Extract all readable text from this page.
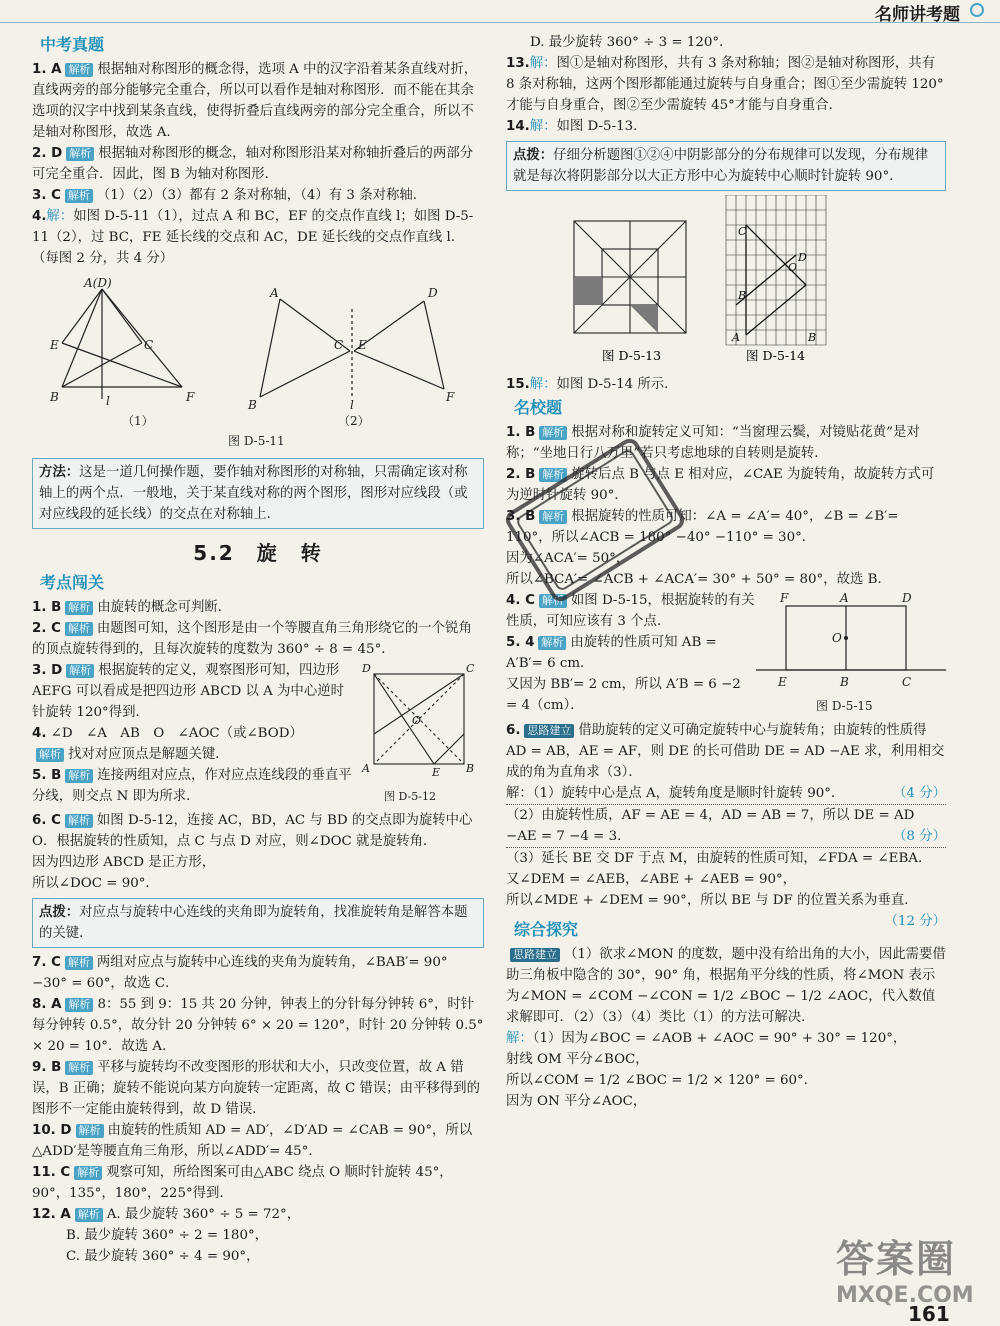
名师讲考题
中考真题
1. A 解析 根据轴对称图形的概念得，选项 A 中的汉字沿着某条直线对折，直线两旁的部分能够完全重合，所以可以看作是轴对称图形．而不能在其余选项的汉字中找到某条直线，使得折叠后直线两旁的部分完全重合，所以不是轴对称图形，故选 A．
2. D 解析 根据轴对称图形的概念，轴对称图形沿某对称轴折叠后的两部分可完全重合．因此，图 B 为轴对称图形．
3. C 解析 （1）（2）（3）都有 2 条对称轴，（4）有 3 条对称轴．
4.解：如图 D-5-11（1），过点 A 和 BC，EF 的交点作直线 l；如图 D-5-11（2），过 BC，FE 延长线的交点和 AC，DE 延长线的交点作直线 l．（每图 2 分，共 4 分）
A(D)
E	C
B	l	F
A
C E
B	l
D
F
（1）	（2）
图 D-5-11
方法：这是一道几何操作题，要作轴对称图形的对称轴，只需确定该对称轴上的两个点．一般地，关于某直线对称的两个图形，图形对应线段（或对应线段的延长线）的交点在对称轴上．
5.2　旋　转
考点闯关
1. B 解析 由旋转的概念可判断．
2. C 解析 由题图可知，这个图形是由一个等腰直角三角形绕它的一个锐角的顶点旋转得到的，且每次旋转的度数为 360° ÷ 8 = 45°．
3. D 解析 根据旋转的定义，观察图形可知，四边形 AEFG 可以看成是把四边形 ABCD 以 A 为中心逆时针旋转 120°得到．
4. ∠D　∠A　AB　O　∠AOC（或∠BOD）
解析 找对对应顶点是解题关键．
5. B 解析 连接两组对应点，作对应点连线段的垂直平分线，则交点 N 即为所求．
D	C
A	B
O
E
图 D-5-12
6. C 解析 如图 D-5-12，连接 AC，BD，AC 与 BD 的交点即为旋转中心 O．根据旋转的性质知，点 C 与点 D 对应，则∠DOC 就是旋转角．
因为四边形 ABCD 是正方形，
所以∠DOC = 90°．
点拨：对应点与旋转中心连线的夹角即为旋转角，找准旋转角是解答本题的关键．
7. C 解析 两组对应点与旋转中心连线的夹角为旋转角，∠BAB′= 90° −30° = 60°，故选 C．
8. A 解析 8：55 到 9：15 共 20 分钟，钟表上的分针每分钟转 6°，时针每分钟转 0.5°，故分针 20 分钟转 6° × 20 = 120°，时针 20 分钟转 0.5° × 20 = 10°．故选 A．
9. B 解析 平移与旋转均不改变图形的形状和大小，只改变位置，故 A 错误，B 正确；旋转不能说向某方向旋转一定距离，故 C 错误；由平移得到的图形不一定能由旋转得到，故 D 错误．
10. D 解析 由旋转的性质知 AD = AD′，∠D′AD = ∠CAB = 90°，所以△ADD′是等腰直角三角形，所以∠ADD′= 45°．
11. C 解析 观察可知，所给图案可由△ABC 绕点 O 顺时针旋转 45°，90°，135°，180°，225°得到．
12. A 解析 A. 最少旋转 360° ÷ 5 = 72°，
B. 最少旋转 360° ÷ 2 = 180°，
C. 最少旋转 360° ÷ 4 = 90°，
D. 最少旋转 360° ÷ 3 = 120°．
13.解：图①是轴对称图形，共有 3 条对称轴；图②是轴对称图形，共有 8 条对称轴，这两个图形都能通过旋转与自身重合；图①至少需旋转 120°才能与自身重合，图②至少需旋转 45°才能与自身重合．
14.解：如图 D-5-13．
点拨：仔细分析题图①②④中阴影部分的分布规律可以发现，分布规律就是每次将阴影部分以大正方形中心为旋转中心顺时针旋转 90°．
C
O
D
B
A	B
图 D-5-13	图 D-5-14
15.解：如图 D-5-14 所示．
名校题
1. B 解析 根据对称和旋转定义可知：“当窗理云鬓，对镜贴花黄”是对称；“坐地日行八万里”若只考虑地球的自转则是旋转．
2. B 解析 旋转后点 B 与点 E 相对应，∠CAE 为旋转角，故旋转方式可为逆时针旋转 90°．
3. B 解析 根据旋转的性质可知：∠A = ∠A′= 40°，∠B = ∠B′= 110°，所以∠ACB = 180° −40° −110° = 30°．
因为∠ACA′= 50°，
所以∠BCA′= ∠ACB + ∠ACA′= 30° + 50° = 80°，故选 B．
4. C 解析 如图 D-5-15，根据旋转的有关性质，可知应该有 3 个点．
5. 4 解析 由旋转的性质可知 AB = A′B′= 6 cm．
又因为 BB′= 2 cm，所以 A′B = 6 −2 = 4（cm）．
F	A	D
O
E	B	C
图 D-5-15
6. 思路建立 借助旋转的定义可确定旋转中心与旋转角；由旋转的性质得 AD = AB，AE = AF，则 DE 的长可借助 DE = AD −AE 求，利用相交成的角为直角求（3）．
解：（1）旋转中心是点 A，旋转角度是顺时针旋转 90°．	（4 分）
（2）由旋转性质，AF = AE = 4，AD = AB = 7，所以 DE = AD −AE = 7 −4 = 3．	（8 分）
（3）延长 BE 交 DF 于点 M，由旋转的性质可知，∠FDA = ∠EBA．
又∠DEM = ∠AEB，∠ABE + ∠AEB = 90°，
所以∠MDE + ∠DEM = 90°，所以 BE 与 DF 的位置关系为垂直．
（12 分）
综合探究
思路建立 （1）欲求∠MON 的度数，题中没有给出角的大小，因此需要借助三角板中隐含的 30°，90° 角，根据角平分线的性质，将∠MON 表示为∠MON = ∠COM −∠CON = 1/2 ∠BOC − 1/2 ∠AOC，代入数值求解即可．（2）（3）（4）类比（1）的方法可解决．
解：（1）因为∠BOC = ∠AOB + ∠AOC = 90° + 30° = 120°，
射线 OM 平分∠BOC，
所以∠COM = 1/2 ∠BOC = 1/2 × 120° = 60°．
因为 ON 平分∠AOC，
答案圈
MXQE.COM
161
